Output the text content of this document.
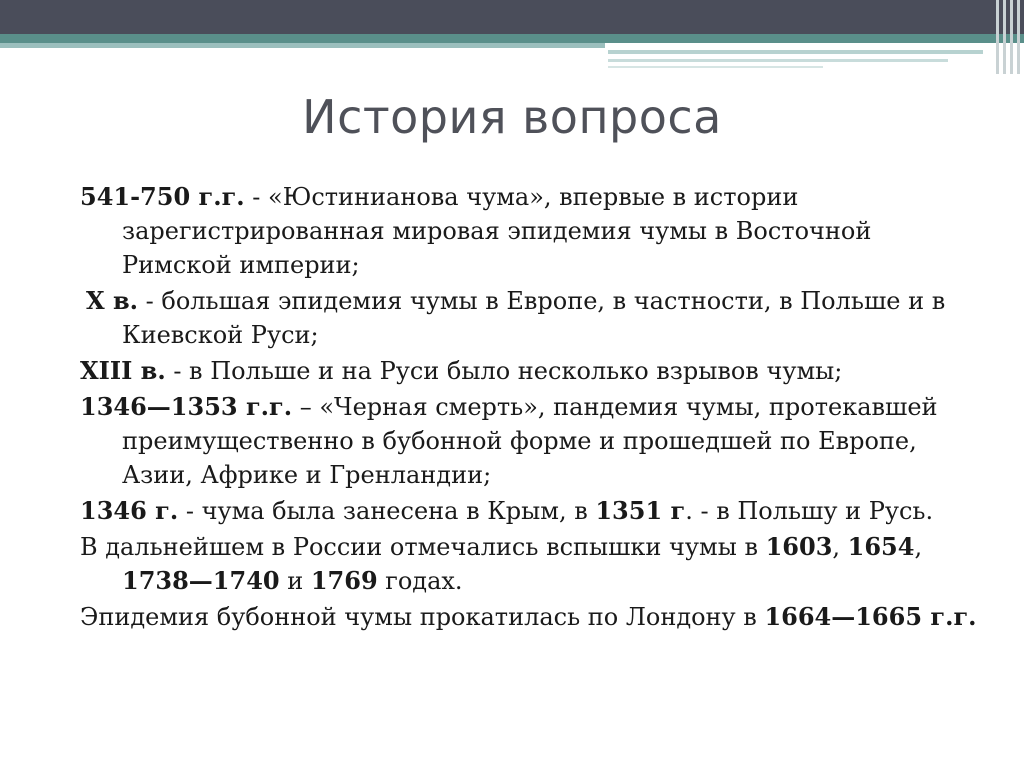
История вопроса
541-750 г.г. - «Юстинианова чума», впервые в истории зарегистрированная мировая эпидемия чумы в Восточной Римской империи;
Х в. - большая эпидемия чумы в Европе, в частности, в Польше и в Киевской Руси;
XIII в. - в Польше и на Руси было несколько взрывов чумы;
1346—1353 г.г. – «Черная смерть», пандемия чумы, протекавшей преимущественно в бубонной форме и прошедшей по Европе, Азии, Африке и Гренландии;
1346 г. - чума была занесена в Крым, в 1351 г. - в Польшу и Русь.
В дальнейшем в России отмечались вспышки чумы в 1603, 1654, 1738—1740 и 1769 годах.
Эпидемия бубонной чумы прокатилась по Лондону в 1664—1665 г.г.
